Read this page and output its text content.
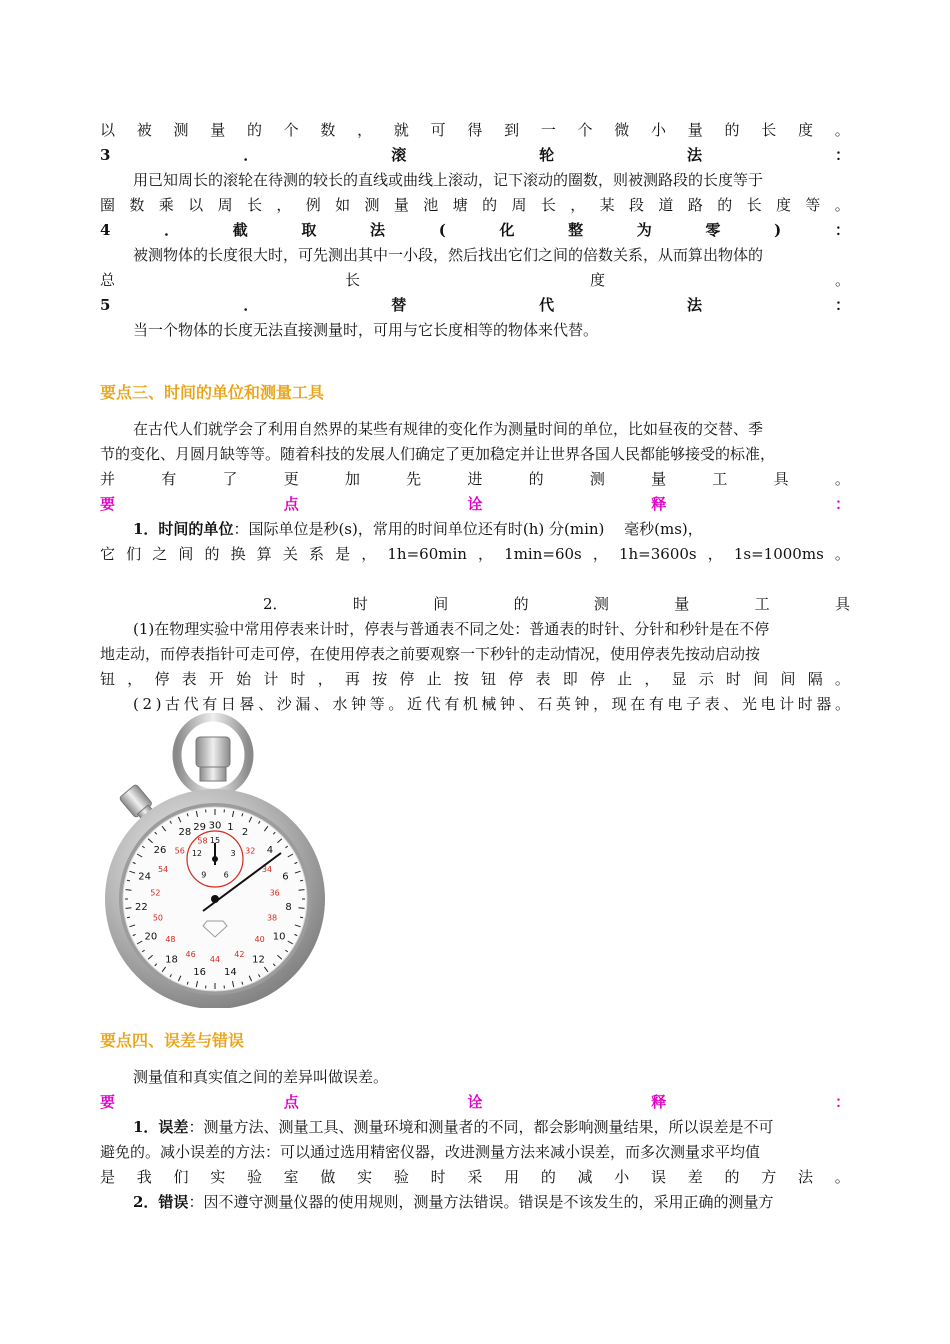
以 被 测 量 的 个 数 ， 就 可 得 到 一 个 微 小 量 的 长 度 。
3	．	滚	轮	法	：
用已知周长的滚轮在待测的较长的直线或曲线上滚动，记下滚动的圈数，则被测路段的长度等于
圈 数 乘 以 周 长 ， 例 如 测 量 池 塘 的 周 长 ， 某 段 道 路 的 长 度 等 。
4	．	截	取	法	(	化	整	为	零	)	：
被测物体的长度很大时，可先测出其中一小段，然后找出它们之间的倍数关系，从而算出物体的
总	长	度	。
5	．	替	代	法	：
当一个物体的长度无法直接测量时，可用与它长度相等的物体来代替。
要点三、时间的单位和测量工具
在古代人们就学会了利用自然界的某些有规律的变化作为测量时间的单位，比如昼夜的交替、季
节的变化、月圆月缺等等。随着科技的发展人们确定了更加稳定并让世界各国人民都能够接受的标准，
并	有	了	更	加	先	进	的	测	量	工	具	。
要	点	诠	释	：
1．时间的单位：国际单位是秒(s)，常用的时间单位还有时(h) 分(min)　 毫秒(ms)，
它 们 之 间 的 换 算 关 系 是 ， 1h=60min ， 1min=60s ， 1h=3600s ， 1s=1000ms 。
2．	时	间	的	测	量	工	具
(1)在物理实验中常用停表来计时，停表与普通表不同之处：普通表的时针、分针和秒针是在不停
地走动，而停表指针可走可停，在使用停表之前要观察一下秒针的走动情况，使用停表先按动启动按
钮 ， 停 表 开 始 计 时 ， 再 按 停 止 按 钮 停 表 即 停 止 ， 显 示 时 间 间 隔 。
( 2 ) 古 代 有 日 晷 、 沙 漏 、 水 钟 等 。 近 代 有 机 械 钟 、 石 英 钟 ， 现 在 有 电 子 表 、 光 电 计 时 器 。
要点四、误差与错误
测量值和真实值之间的差异叫做误差。
要	点	诠	释	：
1．误差：测量方法、测量工具、测量环境和测量者的不同，都会影响测量结果，所以误差是不可
避免的。减小误差的方法：可以通过选用精密仪器，改进测量方法来减小误差，而多次测量求平均值
是 我 们 实 验 室 做 实 验 时 采 用 的 减 小 误 差 的 方 法 。
2．错误：因不遵守测量仪器的使用规则，测量方法错误。错误是不该发生的，采用正确的测量方
30 1 2
4
6
8
10
12
14
16
18
20
22
24
26
28 29
32
34
36
38
40
42
44
46
48
50
52
54
56
58 15
3
6
9
12
